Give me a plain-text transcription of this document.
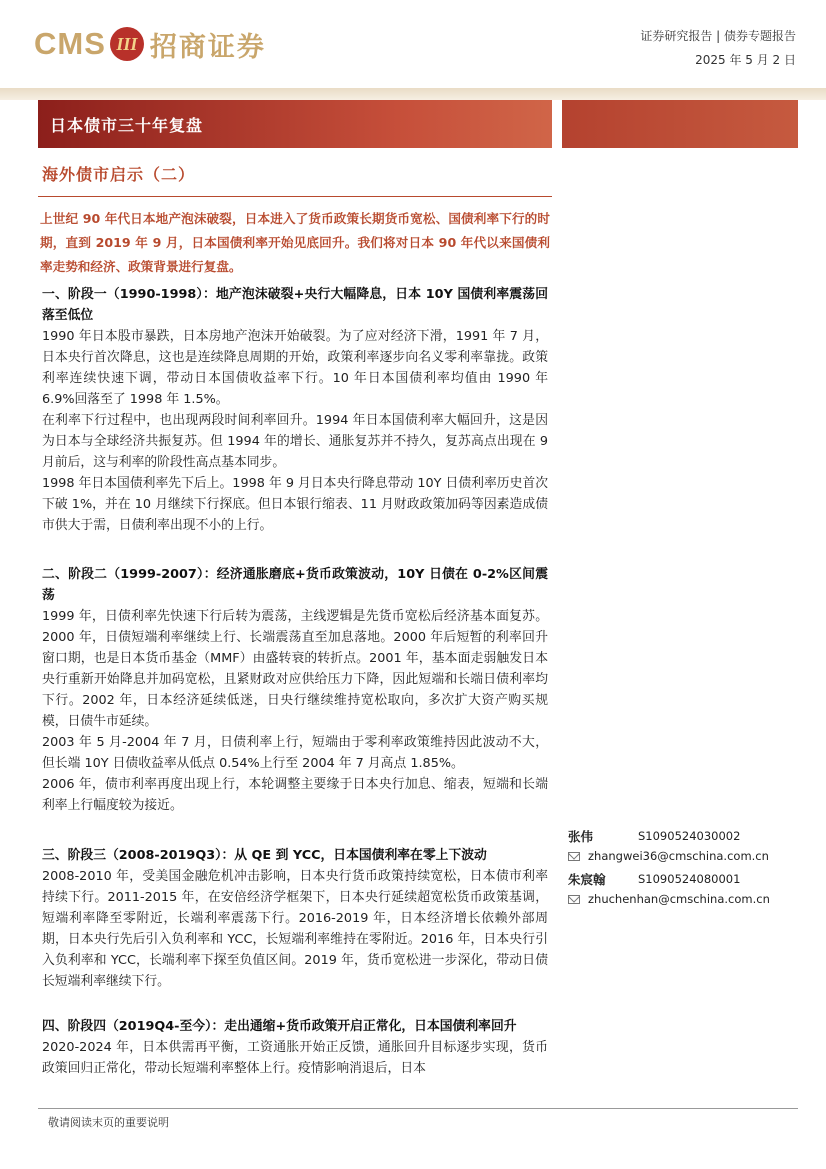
CMS III 招商证券	证券研究报告 | 债券专题报告
2025 年 5 月 2 日
日本债市三十年复盘
海外债市启示（二）
上世纪 90 年代日本地产泡沫破裂，日本进入了货币政策长期货币宽松、国债利率下行的时期，直到 2019 年 9 月，日本国债利率开始见底回升。我们将对日本 90 年代以来国债利率走势和经济、政策背景进行复盘。
一、阶段一（1990-1998）：地产泡沫破裂+央行大幅降息，日本 10Y 国债利率震荡回落至低位

1990 年日本股市暴跌，日本房地产泡沫开始破裂。为了应对经济下滑，1991 年 7 月，日本央行首次降息，这也是连续降息周期的开始，政策利率逐步向名义零利率靠拢。政策利率连续快速下调，带动日本国债收益率下行。10 年日本国债利率均值由 1990 年 6.9%回落至了 1998 年 1.5%。

在利率下行过程中，也出现两段时间利率回升。1994 年日本国债利率大幅回升，这是因为日本与全球经济共振复苏。但 1994 年的增长、通胀复苏并不持久，复苏高点出现在 9 月前后，这与利率的阶段性高点基本同步。

1998 年日本国债利率先下后上。1998 年 9 月日本央行降息带动 10Y 日债利率历史首次下破 1%，并在 10 月继续下行探底。但日本银行缩表、11 月财政政策加码等因素造成债市供大于需，日债利率出现不小的上行。

二、阶段二（1999-2007）：经济通胀磨底+货币政策波动，10Y 日债在 0-2%区间震荡

1999 年，日债利率先快速下行后转为震荡，主线逻辑是先货币宽松后经济基本面复苏。2000 年，日债短端利率继续上行、长端震荡直至加息落地。2000 年后短暂的利率回升窗口期，也是日本货币基金（MMF）由盛转衰的转折点。2001 年，基本面走弱触发日本央行重新开始降息并加码宽松，且紧财政对应供给压力下降，因此短端和长端日债利率均下行。2002 年，日本经济延续低迷，日央行继续维持宽松取向，多次扩大资产购买规模，日债牛市延续。

2003 年 5 月-2004 年 7 月，日债利率上行，短端由于零利率政策维持因此波动不大，但长端 10Y 日债收益率从低点 0.54%上行至 2004 年 7 月高点 1.85%。

2006 年，债市利率再度出现上行，本轮调整主要缘于日本央行加息、缩表，短端和长端利率上行幅度较为接近。

三、阶段三（2008-2019Q3）：从 QE 到 YCC，日本国债利率在零上下波动

2008-2010 年，受美国金融危机冲击影响，日本央行货币政策持续宽松，日本债市利率持续下行。2011-2015 年，在安倍经济学框架下，日本央行延续超宽松货币政策基调，短端利率降至零附近，长端利率震荡下行。2016-2019 年，日本经济增长依赖外部周期，日本央行先后引入负利率和 YCC，长短端利率维持在零附近。2016 年，日本央行引入负利率和 YCC，长端利率下探至负值区间。2019 年，货币宽松进一步深化，带动日债长短端利率继续下行。

四、阶段四（2019Q4-至今）：走出通缩+货币政策开启正常化，日本国债利率回升

2020-2024 年，日本供需再平衡，工资通胀开始正反馈，通胀回升目标逐步实现，货币政策回归正常化，带动长短端利率整体上行。疫情影响消退后，日本

张伟	S1090524030002
zhangwei36@cmschina.com.cn
朱宸翰	S1090524080001
zhuchenhan@cmschina.com.cn
敬请阅读末页的重要说明
